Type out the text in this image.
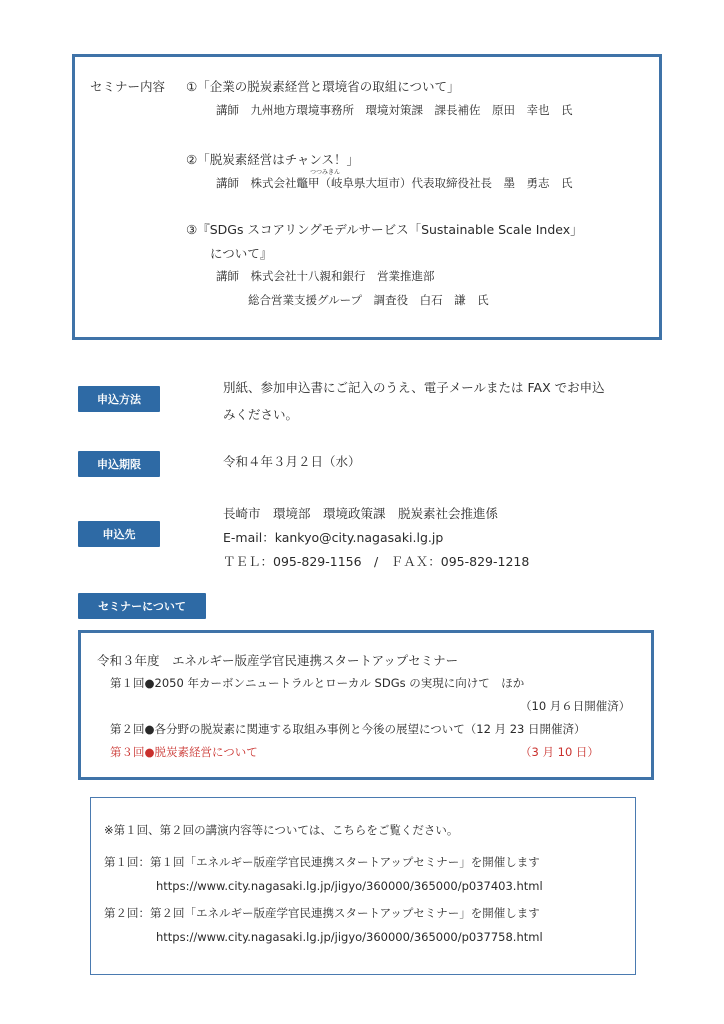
セミナー内容 ①「企業の脱炭素経営と環境省の取組について」
講師　九州地方環境事務所　環境対策課　課長補佐　原田　幸也　氏
②「脱炭素経営はチャンス！」
つつみきん
講師　株式会社鼈甲（岐阜県大垣市）代表取締役社長　墨　勇志　氏
③『SDGs スコアリングモデルサービス「Sustainable Scale Index」
について』
講師　株式会社十八親和銀行　営業推進部
総合営業支援グループ　調査役　白石　謙　氏
申込方法
別紙、参加申込書にご記入のうえ、電子メールまたは FAX でお申込
みください。
申込期限	令和４年３月２日（水）
申込先
長崎市　環境部　環境政策課　脱炭素社会推進係
E-mail：kankyo@city.nagasaki.lg.jp
ＴＥＬ：095-829-1156　/　ＦＡＸ：095-829-1218
セミナーについて
令和３年度　エネルギー版産学官民連携スタートアップセミナー
第１回●2050 年カーボンニュートラルとローカル SDGs の実現に向けて　ほか
（10 月６日開催済）
第２回●各分野の脱炭素に関連する取組み事例と今後の展望について（12 月 23 日開催済）
第３回●脱炭素経営について	（3 月 10 日）
※第１回、第２回の講演内容等については、こちらをご覧ください。
第１回：第１回「エネルギー版産学官民連携スタートアップセミナー」を開催します
https://www.city.nagasaki.lg.jp/jigyo/360000/365000/p037403.html
第２回：第２回「エネルギー版産学官民連携スタートアップセミナー」を開催します
https://www.city.nagasaki.lg.jp/jigyo/360000/365000/p037758.html
